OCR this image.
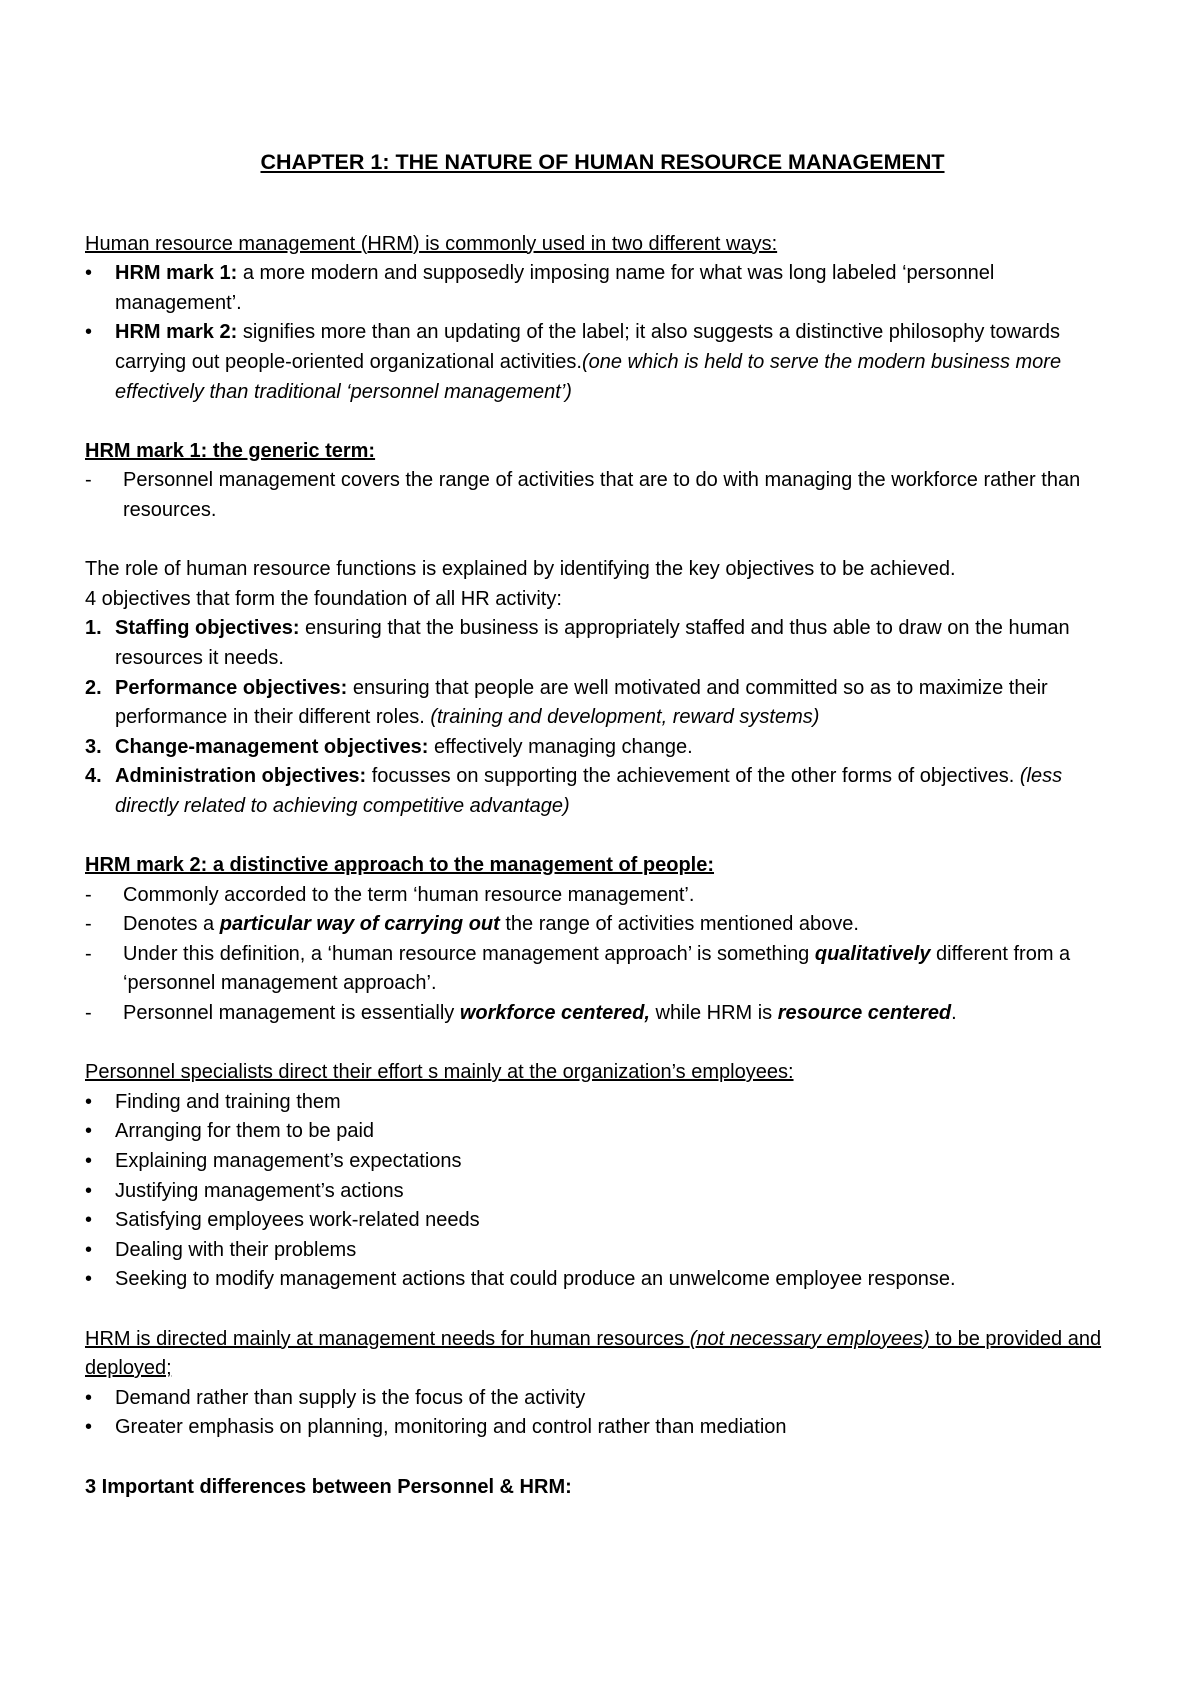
CHAPTER 1: THE NATURE OF HUMAN RESOURCE MANAGEMENT

Human resource management (HRM) is commonly used in two different ways:

• HRM mark 1: a more modern and supposedly imposing name for what was long labeled ‘personnel management’.
• HRM mark 2: signifies more than an updating of the label; it also suggests a distinctive philosophy towards carrying out people-oriented organizational activities.(one which is held to serve the modern business more effectively than traditional ‘personnel management’)

HRM mark 1: the generic term:

- Personnel management covers the range of activities that are to do with managing the workforce rather than resources.

The role of human resource functions is explained by identifying the key objectives to be achieved.

4 objectives that form the foundation of all HR activity:

1. Staffing objectives: ensuring that the business is appropriately staffed and thus able to draw on the human resources it needs.
2. Performance objectives: ensuring that people are well motivated and committed so as to maximize their performance in their different roles. (training and development, reward systems)
3. Change-management objectives: effectively managing change.
4. Administration objectives: focusses on supporting the achievement of the other forms of objectives. (less directly related to achieving competitive advantage)

HRM mark 2: a distinctive approach to the management of people:

- Commonly accorded to the term ‘human resource management’.
- Denotes a particular way of carrying out the range of activities mentioned above.
- Under this definition, a ‘human resource management approach’ is something qualitatively different from a ‘personnel management approach’.
- Personnel management is essentially workforce centered, while HRM is resource centered.

Personnel specialists direct their effort s mainly at the organization’s employees:

• Finding and training them
• Arranging for them to be paid
• Explaining management’s expectations
• Justifying management’s actions
• Satisfying employees work-related needs
• Dealing with their problems
• Seeking to modify management actions that could produce an unwelcome employee response.

HRM is directed mainly at management needs for human resources (not necessary employees) to be provided and deployed;

• Demand rather than supply is the focus of the activity
• Greater emphasis on planning, monitoring and control rather than mediation

3 Important differences between Personnel & HRM:
